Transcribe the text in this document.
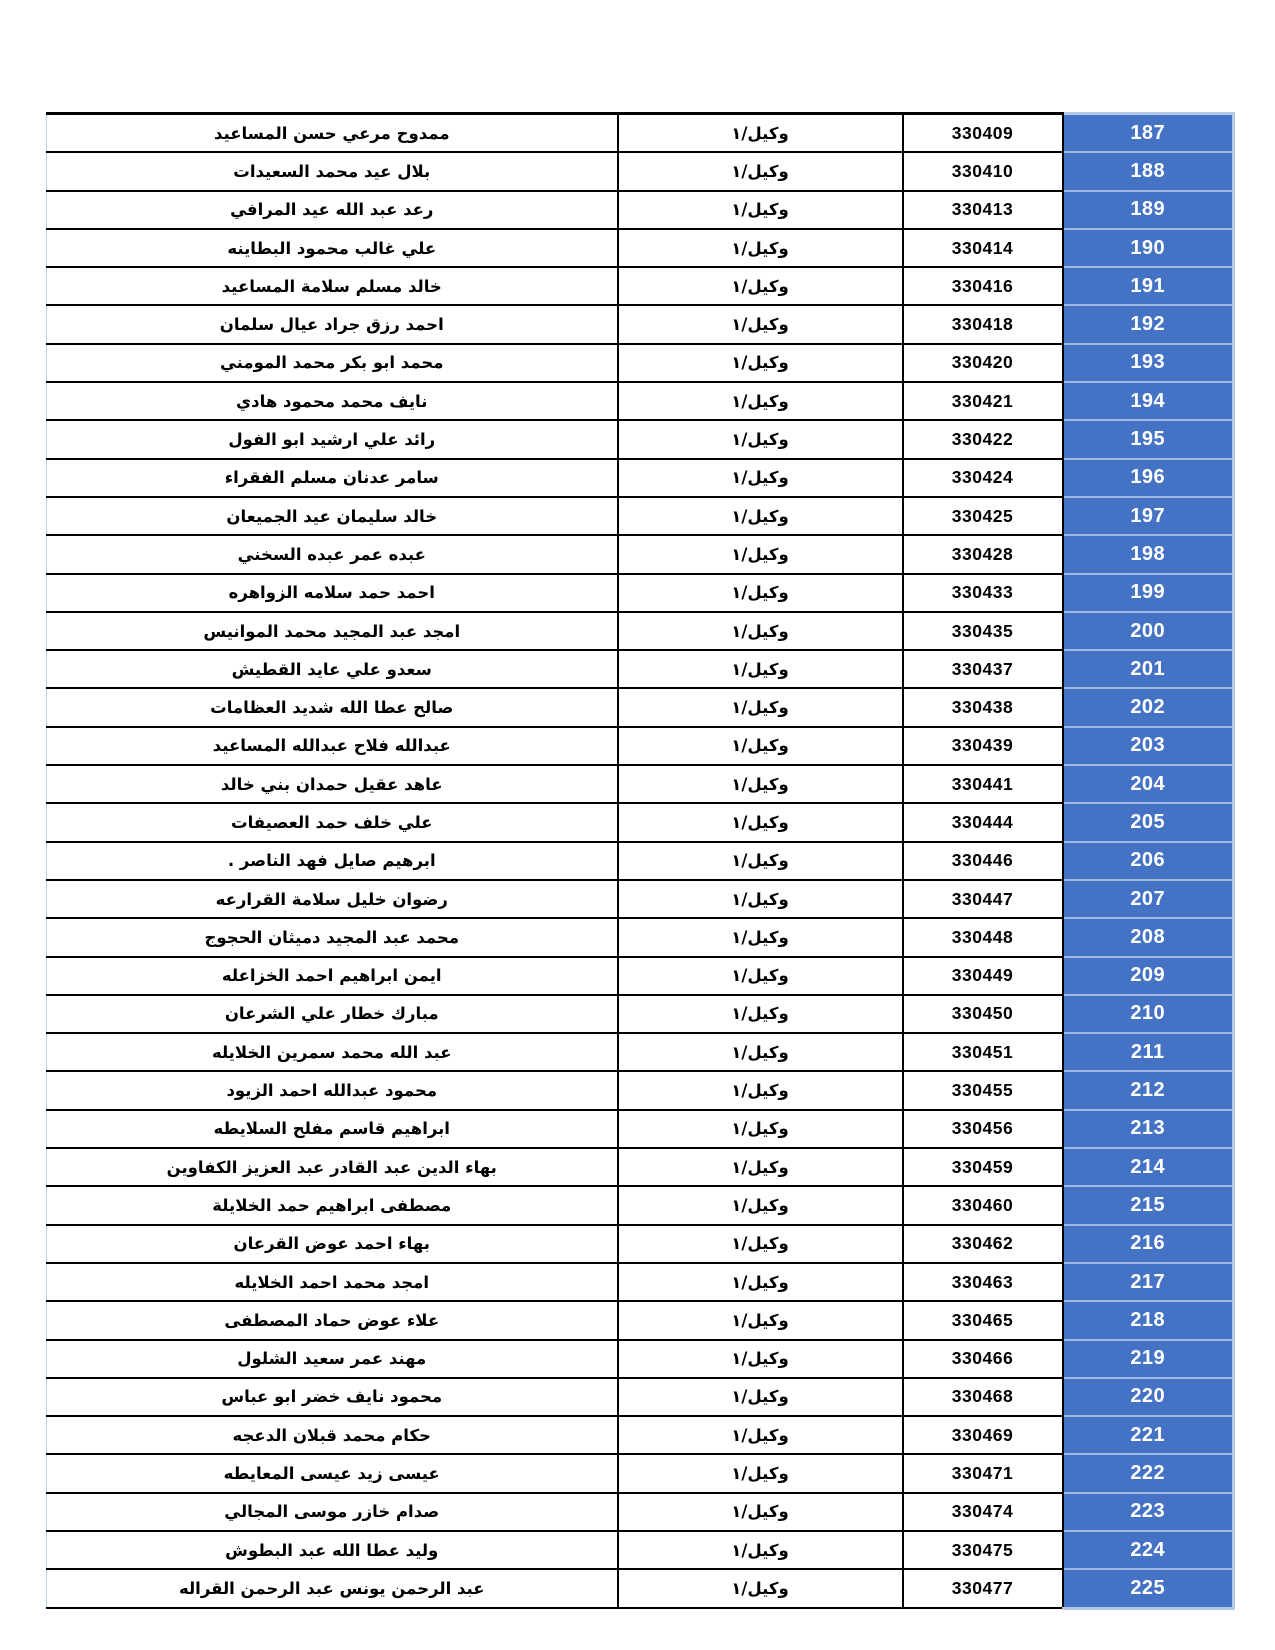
ممدوح مرعي حسن المساعيد	وكيل/١	330409	187
بلال عيد محمد السعيدات	وكيل/١	330410	188
رعد عبد الله عيد المرافي	وكيل/١	330413	189
علي غالب محمود البطاينه	وكيل/١	330414	190
خالد مسلم سلامة المساعيد	وكيل/١	330416	191
احمد رزق جراد عيال سلمان	وكيل/١	330418	192
محمد ابو بكر محمد المومني	وكيل/١	330420	193
نايف محمد محمود هادي	وكيل/١	330421	194
رائد علي ارشيد ابو الفول	وكيل/١	330422	195
سامر عدنان مسلم الفقراء	وكيل/١	330424	196
خالد سليمان عيد الجميعان	وكيل/١	330425	197
عبده عمر عبده السخني	وكيل/١	330428	198
احمد حمد سلامه الزواهره	وكيل/١	330433	199
امجد عبد المجيد محمد الموانيس	وكيل/١	330435	200
سعدو علي عايد القطيش	وكيل/١	330437	201
صالح عطا الله شديد العظامات	وكيل/١	330438	202
عبدالله فلاح عبدالله المساعيد	وكيل/١	330439	203
عاهد عقيل حمدان بني خالد	وكيل/١	330441	204
علي خلف حمد العصيفات	وكيل/١	330444	205
ابرهيم صايل فهد الناصر .	وكيل/١	330446	206
رضوان خليل سلامة القرارعه	وكيل/١	330447	207
محمد عبد المجيد دميثان الحجوج	وكيل/١	330448	208
ايمن ابراهيم احمد الخزاعله	وكيل/١	330449	209
مبارك خطار علي الشرعان	وكيل/١	330450	210
عبد الله محمد سمرين الخلايله	وكيل/١	330451	211
محمود عبدالله احمد الزيود	وكيل/١	330455	212
ابراهيم قاسم مفلح السلايطه	وكيل/١	330456	213
بهاء الدين عبد القادر عبد العزيز الكفاوين	وكيل/١	330459	214
مصطفى ابراهيم حمد الخلايلة	وكيل/١	330460	215
بهاء احمد عوض القرعان	وكيل/١	330462	216
امجد محمد احمد الخلايله	وكيل/١	330463	217
علاء عوض حماد المصطفى	وكيل/١	330465	218
مهند عمر سعيد الشلول	وكيل/١	330466	219
محمود نايف خضر ابو عباس	وكيل/١	330468	220
حكام محمد قبلان الدعجه	وكيل/١	330469	221
عيسى زيد عيسى المعايطه	وكيل/١	330471	222
صدام خازر موسى المجالي	وكيل/١	330474	223
وليد عطا الله عبد البطوش	وكيل/١	330475	224
عبد الرحمن يونس عبد الرحمن القراله	وكيل/١	330477	225
